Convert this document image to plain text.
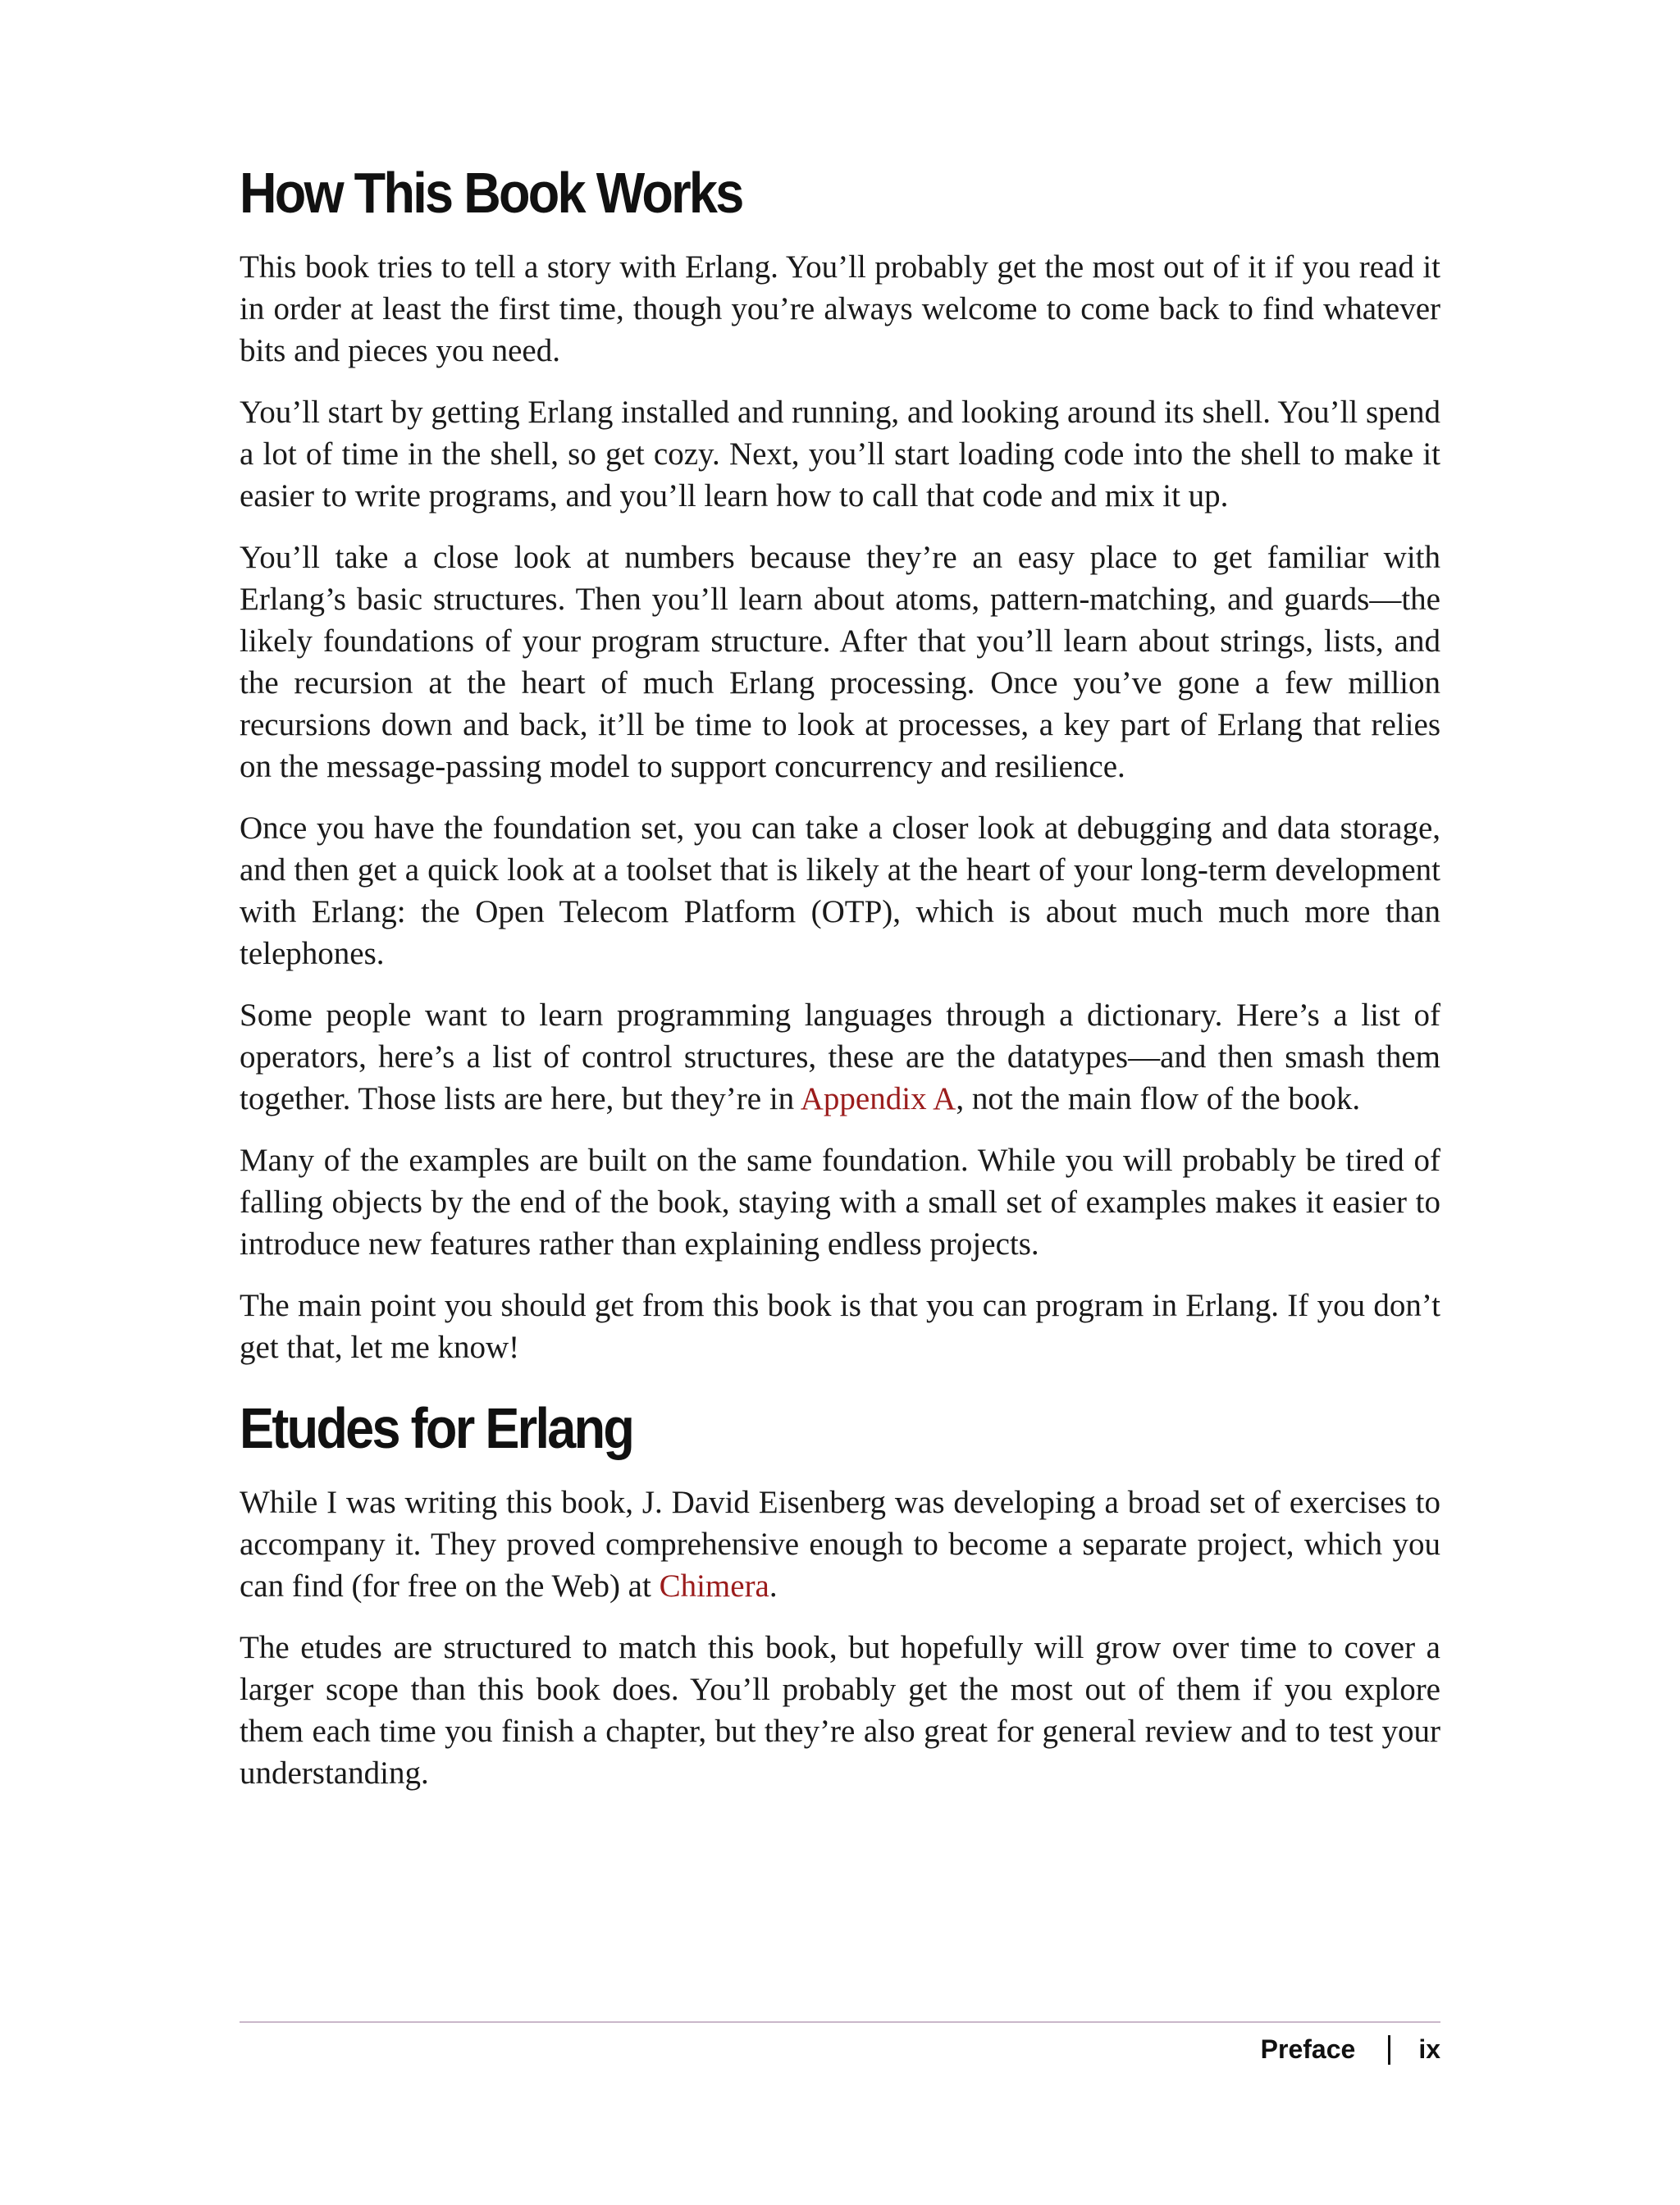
How This Book Works

This book tries to tell a story with Erlang. You’ll probably get the most out of it if you read it in order at least the first time, though you’re always welcome to come back to find whatever bits and pieces you need.

You’ll start by getting Erlang installed and running, and looking around its shell. You’ll spend a lot of time in the shell, so get cozy. Next, you’ll start loading code into the shell to make it easier to write programs, and you’ll learn how to call that code and mix it up.

You’ll take a close look at numbers because they’re an easy place to get familiar with Erlang’s basic structures. Then you’ll learn about atoms, pattern-matching, and guards—the likely foundations of your program structure. After that you’ll learn about strings, lists, and the recursion at the heart of much Erlang processing. Once you’ve gone a few million recursions down and back, it’ll be time to look at processes, a key part of Erlang that relies on the message-passing model to support concurrency and resilience.

Once you have the foundation set, you can take a closer look at debugging and data storage, and then get a quick look at a toolset that is likely at the heart of your long-term development with Erlang: the Open Telecom Platform (OTP), which is about much much more than telephones.

Some people want to learn programming languages through a dictionary. Here’s a list of operators, here’s a list of control structures, these are the datatypes—and then smash them together. Those lists are here, but they’re in Appendix A, not the main flow of the book.

Many of the examples are built on the same foundation. While you will probably be tired of falling objects by the end of the book, staying with a small set of examples makes it easier to introduce new features rather than explaining endless projects.

The main point you should get from this book is that you can program in Erlang. If you don’t get that, let me know!

Etudes for Erlang

While I was writing this book, J. David Eisenberg was developing a broad set of exercises to accompany it. They proved comprehensive enough to become a separate project, which you can find (for free on the Web) at Chimera.

The etudes are structured to match this book, but hopefully will grow over time to cover a larger scope than this book does. You’ll probably get the most out of them if you explore them each time you finish a chapter, but they’re also great for general review and to test your understanding.

Preface ix
